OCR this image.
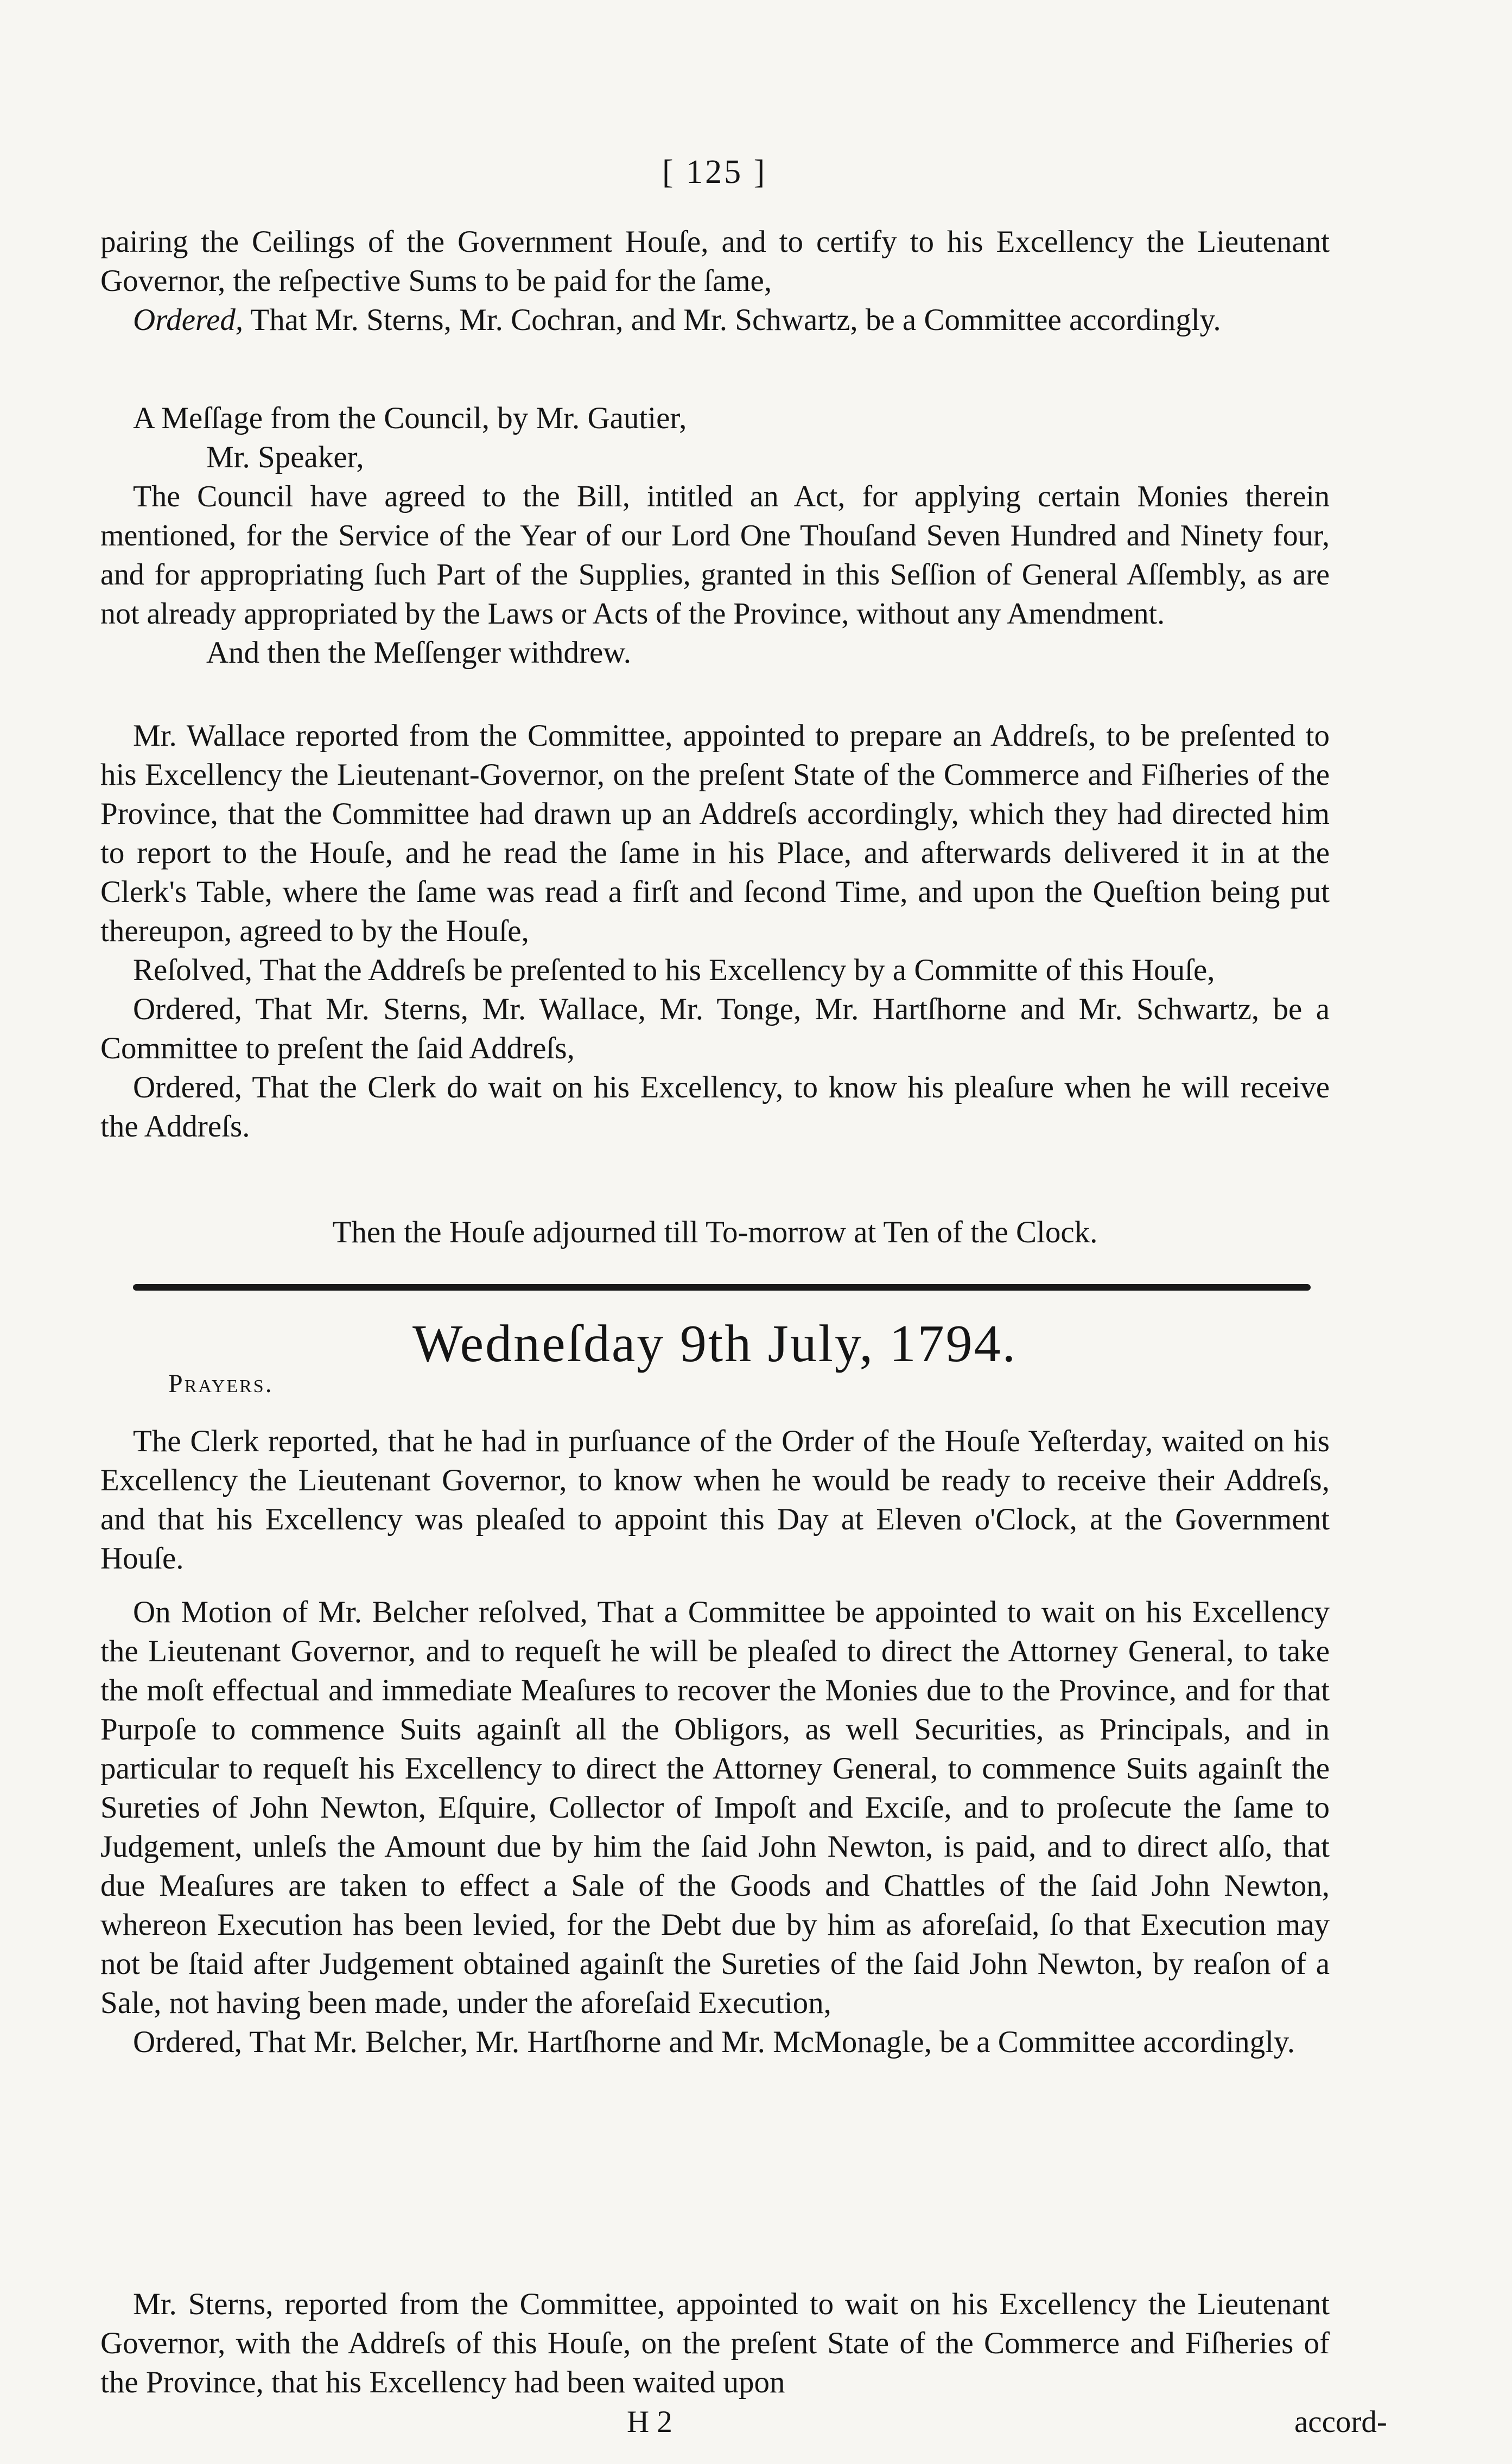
[ 125 ]

pairing the Ceilings of the Government Houſe, and to certify to his Excellency the Lieutenant Governor, the reſpective Sums to be paid for the ſame,

Ordered, That Mr. Sterns, Mr. Cochran, and Mr. Schwartz, be a Committee accordingly.

A Meſſage from the Council, by Mr. Gautier,

Mr. Speaker,

The Council have agreed to the Bill, intitled an Act, for applying certain Monies therein mentioned, for the Service of the Year of our Lord One Thouſand Seven Hundred and Ninety four, and for appropriating ſuch Part of the Supplies, granted in this Seſſion of General Aſſembly, as are not already appropriated by the Laws or Acts of the Province, without any Amendment.

And then the Meſſenger withdrew.

Mr. Wallace reported from the Committee, appointed to prepare an Addreſs, to be preſented to his Excellency the Lieutenant-Governor, on the preſent State of the Commerce and Fiſheries of the Province, that the Committee had drawn up an Addreſs accordingly, which they had directed him to report to the Houſe, and he read the ſame in his Place, and afterwards delivered it in at the Clerk's Table, where the ſame was read a firſt and ſecond Time, and upon the Queſtion being put thereupon, agreed to by the Houſe,

Reſolved, That the Addreſs be preſented to his Excellency by a Committe of this Houſe,

Ordered, That Mr. Sterns, Mr. Wallace, Mr. Tonge, Mr. Hartſhorne and Mr. Schwartz, be a Committee to preſent the ſaid Addreſs,

Ordered, That the Clerk do wait on his Excellency, to know his pleaſure when he will receive the Addreſs.

Then the Houſe adjourned till To-morrow at Ten of the Clock.
Wedneſday 9th July, 1794.
Prayers.

The Clerk reported, that he had in purſuance of the Order of the Houſe Yeſterday, waited on his Excellency the Lieutenant Governor, to know when he would be ready to receive their Addreſs, and that his Excellency was pleaſed to appoint this Day at Eleven o'Clock, at the Government Houſe.

On Motion of Mr. Belcher reſolved, That a Committee be appointed to wait on his Excellency the Lieutenant Governor, and to requeſt he will be pleaſed to direct the Attorney General, to take the moſt effectual and immediate Meaſures to recover the Monies due to the Province, and for that Purpoſe to commence Suits againſt all the Obligors, as well Securities, as Principals, and in particular to requeſt his Excellency to direct the Attorney General, to commence Suits againſt the Sureties of John Newton, Eſquire, Collector of Impoſt and Exciſe, and to proſecute the ſame to Judgement, unleſs the Amount due by him the ſaid John Newton, is paid, and to direct alſo, that due Meaſures are taken to effect a Sale of the Goods and Chattles of the ſaid John Newton, whereon Execution has been levied, for the Debt due by him as aforeſaid, ſo that Execution may not be ſtaid after Judgement obtained againſt the Sureties of the ſaid John Newton, by reaſon of a Sale, not having been made, under the aforeſaid Execution,

Ordered, That Mr. Belcher, Mr. Hartſhorne and Mr. McMonagle, be a Committee accordingly.

Mr. Sterns, reported from the Committee, appointed to wait on his Excellency the Lieutenant Governor, with the Addreſs of this Houſe, on the preſent State of the Commerce and Fiſheries of the Province, that his Excellency had been waited upon

H 2	accord-
